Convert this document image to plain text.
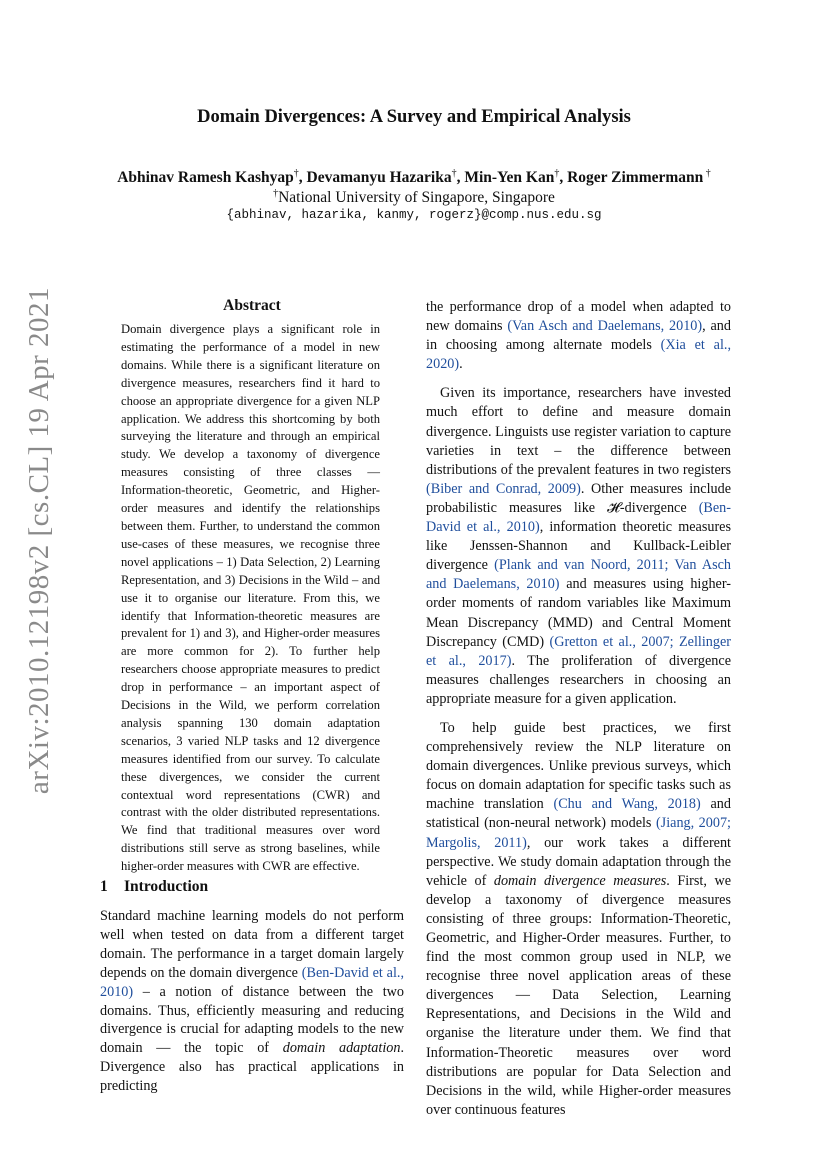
arXiv:2010.12198v2 [cs.CL] 19 Apr 2021
Domain Divergences: A Survey and Empirical Analysis
Abhinav Ramesh Kashyap†, Devamanyu Hazarika†, Min-Yen Kan†, Roger Zimmermann †
†National University of Singapore, Singapore
{abhinav, hazarika, kanmy, rogerz}@comp.nus.edu.sg
Abstract
Domain divergence plays a significant role in estimating the performance of a model in new domains. While there is a significant literature on divergence measures, researchers find it hard to choose an appropriate divergence for a given NLP application. We address this shortcoming by both surveying the literature and through an empirical study. We develop a taxonomy of divergence measures consisting of three classes — Information-theoretic, Geometric, and Higher-order measures and identify the relationships between them. Further, to understand the common use-cases of these measures, we recognise three novel applications – 1) Data Selection, 2) Learning Representation, and 3) Decisions in the Wild – and use it to organise our literature. From this, we identify that Information-theoretic measures are prevalent for 1) and 3), and Higher-order measures are more common for 2). To further help researchers choose appropriate measures to predict drop in performance – an important aspect of Decisions in the Wild, we perform correlation analysis spanning 130 domain adaptation scenarios, 3 varied NLP tasks and 12 divergence measures identified from our survey. To calculate these divergences, we consider the current contextual word representations (CWR) and contrast with the older distributed representations. We find that traditional measures over word distributions still serve as strong baselines, while higher-order measures with CWR are effective.
1 Introduction

Standard machine learning models do not perform well when tested on data from a different target domain. The performance in a target domain largely depends on the domain divergence (Ben-David et al., 2010) – a notion of distance between the two domains. Thus, efficiently measuring and reducing divergence is crucial for adapting models to the new domain — the topic of domain adaptation. Divergence also has practical applications in predicting

the performance drop of a model when adapted to new domains (Van Asch and Daelemans, 2010), and in choosing among alternate models (Xia et al., 2020).

Given its importance, researchers have invested much effort to define and measure domain divergence. Linguists use register variation to capture varieties in text – the difference between distributions of the prevalent features in two registers (Biber and Conrad, 2009). Other measures include probabilistic measures like 𝓗-divergence (Ben-David et al., 2010), information theoretic measures like Jenssen-Shannon and Kullback-Leibler divergence (Plank and van Noord, 2011; Van Asch and Daelemans, 2010) and measures using higher-order moments of random variables like Maximum Mean Discrepancy (MMD) and Central Moment Discrepancy (CMD) (Gretton et al., 2007; Zellinger et al., 2017). The proliferation of divergence measures challenges researchers in choosing an appropriate measure for a given application.

To help guide best practices, we first comprehensively review the NLP literature on domain divergences. Unlike previous surveys, which focus on domain adaptation for specific tasks such as machine translation (Chu and Wang, 2018) and statistical (non-neural network) models (Jiang, 2007; Margolis, 2011), our work takes a different perspective. We study domain adaptation through the vehicle of domain divergence measures. First, we develop a taxonomy of divergence measures consisting of three groups: Information-Theoretic, Geometric, and Higher-Order measures. Further, to find the most common group used in NLP, we recognise three novel application areas of these divergences — Data Selection, Learning Representations, and Decisions in the Wild and organise the literature under them. We find that Information-Theoretic measures over word distributions are popular for Data Selection and Decisions in the wild, while Higher-order measures over continuous features
